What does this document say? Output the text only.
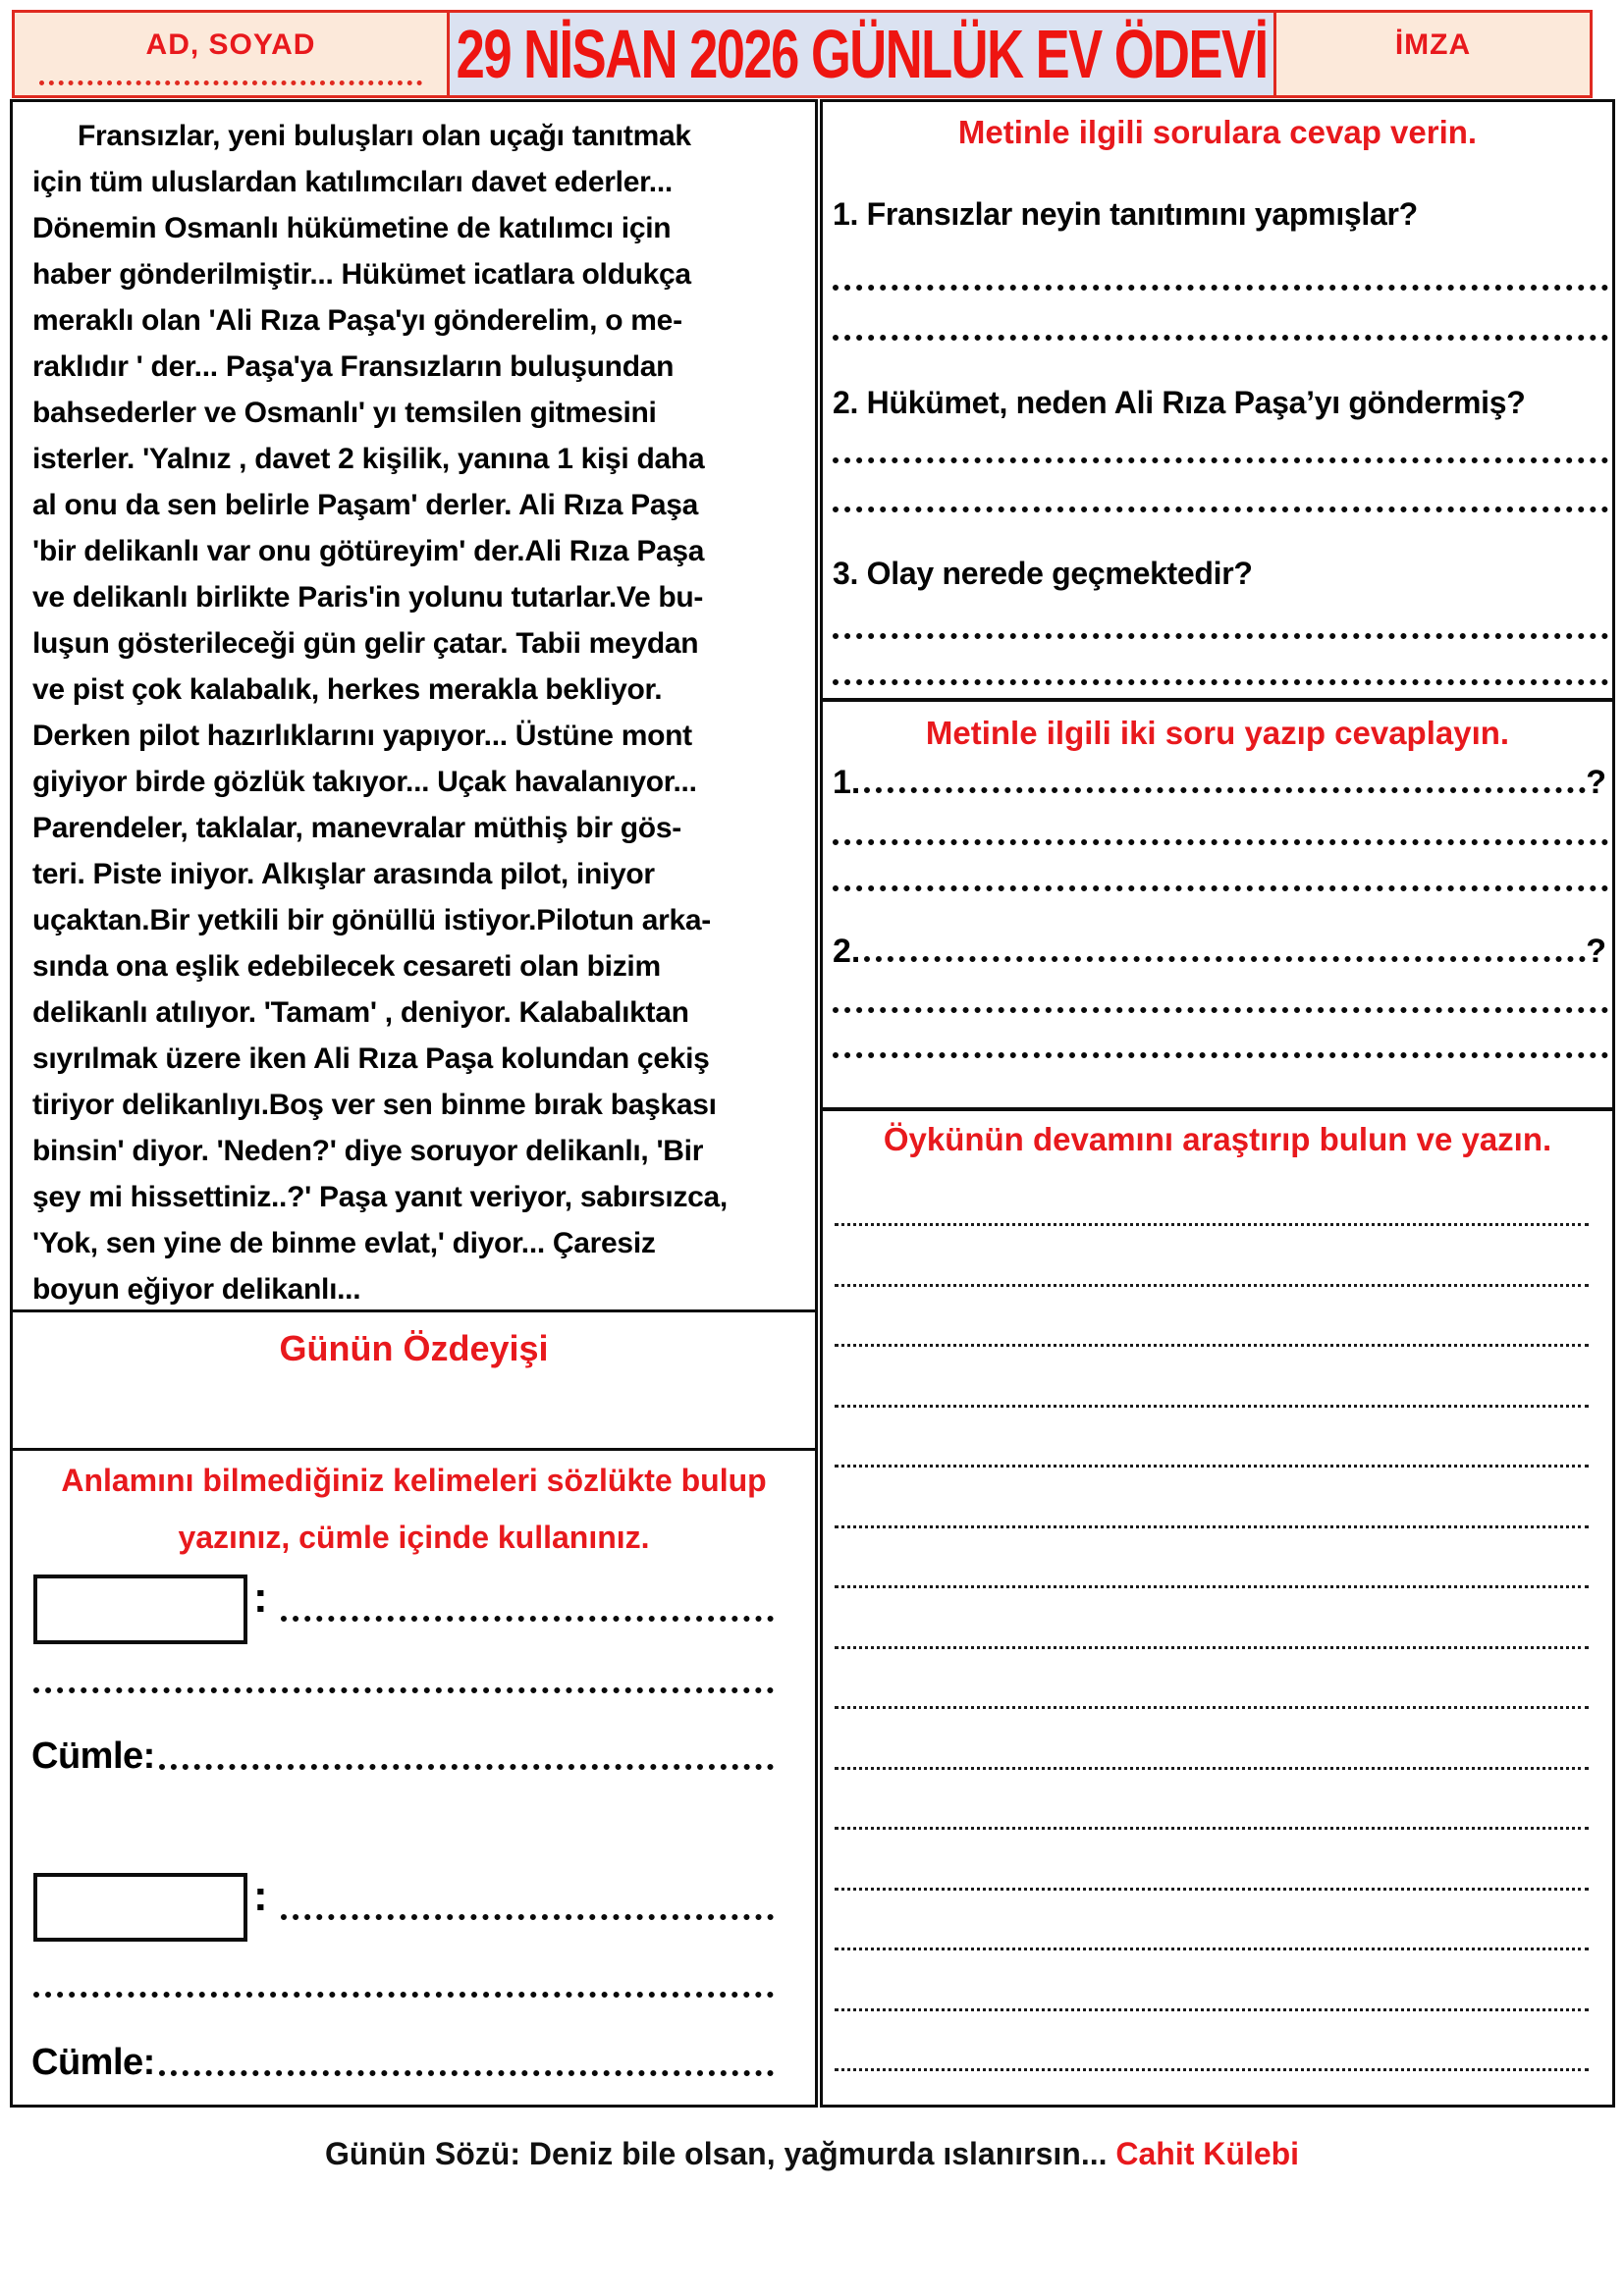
AD, SOYAD	29 NİSAN 2026 GÜNLÜK EV ÖDEVİ	İMZA
Fransızlar, yeni buluşları olan uçağı tanıtmak
için tüm uluslardan katılımcıları davet ederler...
Dönemin Osmanlı hükümetine de katılımcı için
haber gönderilmiştir... Hükümet icatlara oldukça
meraklı olan 'Ali Rıza Paşa'yı gönderelim, o me-
raklıdır ' der... Paşa'ya Fransızların buluşundan
bahsederler ve Osmanlı' yı temsilen gitmesini
isterler. 'Yalnız , davet 2 kişilik, yanına 1 kişi daha
al onu da sen belirle Paşam' derler. Ali Rıza Paşa
'bir delikanlı var onu götüreyim' der.Ali Rıza Paşa
ve delikanlı birlikte Paris'in yolunu tutarlar.Ve bu-
luşun gösterileceği gün gelir çatar. Tabii meydan
ve pist çok kalabalık, herkes merakla bekliyor.
Derken pilot hazırlıklarını yapıyor... Üstüne mont
giyiyor birde gözlük takıyor... Uçak havalanıyor...
Parendeler, taklalar, manevralar müthiş bir gös-
teri. Piste iniyor. Alkışlar arasında pilot, iniyor
uçaktan.Bir yetkili bir gönüllü istiyor.Pilotun arka-
sında ona eşlik edebilecek cesareti olan bizim
delikanlı atılıyor. 'Tamam' , deniyor. Kalabalıktan
sıyrılmak üzere iken Ali Rıza Paşa kolundan çekiş
tiriyor delikanlıyı.Boş ver sen binme bırak başkası
binsin' diyor. 'Neden?' diye soruyor delikanlı, 'Bir
şey mi hissettiniz..?' Paşa yanıt veriyor, sabırsızca,
'Yok, sen yine de binme evlat,' diyor... Çaresiz
boyun eğiyor delikanlı...
Günün Özdeyişi
Anlamını bilmediğiniz kelimeleri sözlükte bulup
yazınız, cümle içinde kullanınız.
:
Cümle:
:
Cümle:
Metinle ilgili sorulara cevap verin.
1. Fransızlar neyin tanıtımını yapmışlar?
2. Hükümet, neden Ali Rıza Paşa’yı göndermiş?
3. Olay nerede geçmektedir?
Metinle ilgili iki soru yazıp cevaplayın.
1.	?
2.	?
Öykünün devamını araştırıp bulun ve yazın.
Günün Sözü: Deniz bile olsan, yağmurda ıslanırsın... Cahit Külebi
